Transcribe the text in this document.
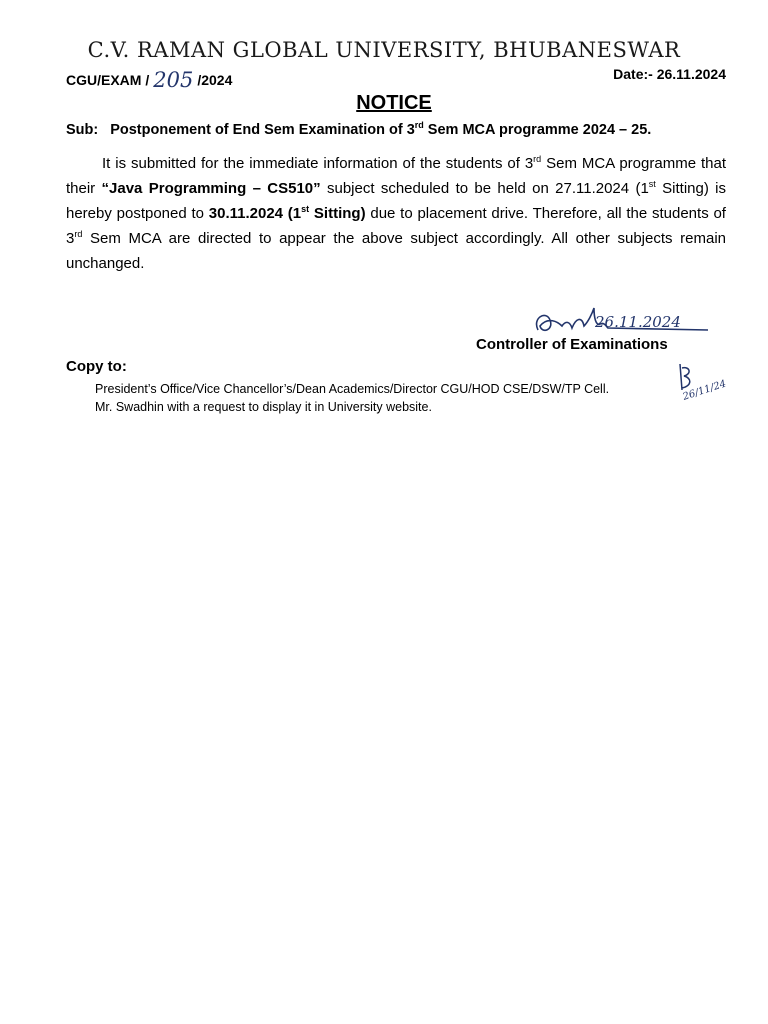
C.V. RAMAN GLOBAL UNIVERSITY, BHUBANESWAR
CGU/EXAM / 205 /2024	Date:- 26.11.2024
NOTICE
Sub: Postponement of End Sem Examination of 3rd Sem MCA programme 2024 – 25.

It is submitted for the immediate information of the students of 3rd Sem MCA programme that their “Java Programming – CS510” subject scheduled to be held on 27.11.2024 (1st Sitting) is hereby postponed to 30.11.2024 (1st Sitting) due to placement drive. Therefore, all the students of 3rd Sem MCA are directed to appear the above subject accordingly. All other subjects remain unchanged.

26.11.2024
Controller of Examinations
Copy to:
President’s Office/Vice Chancellor’s/Dean Academics/Director CGU/HOD CSE/DSW/TP Cell.
Mr. Swadhin with a request to display it in University website.
26/11/24
